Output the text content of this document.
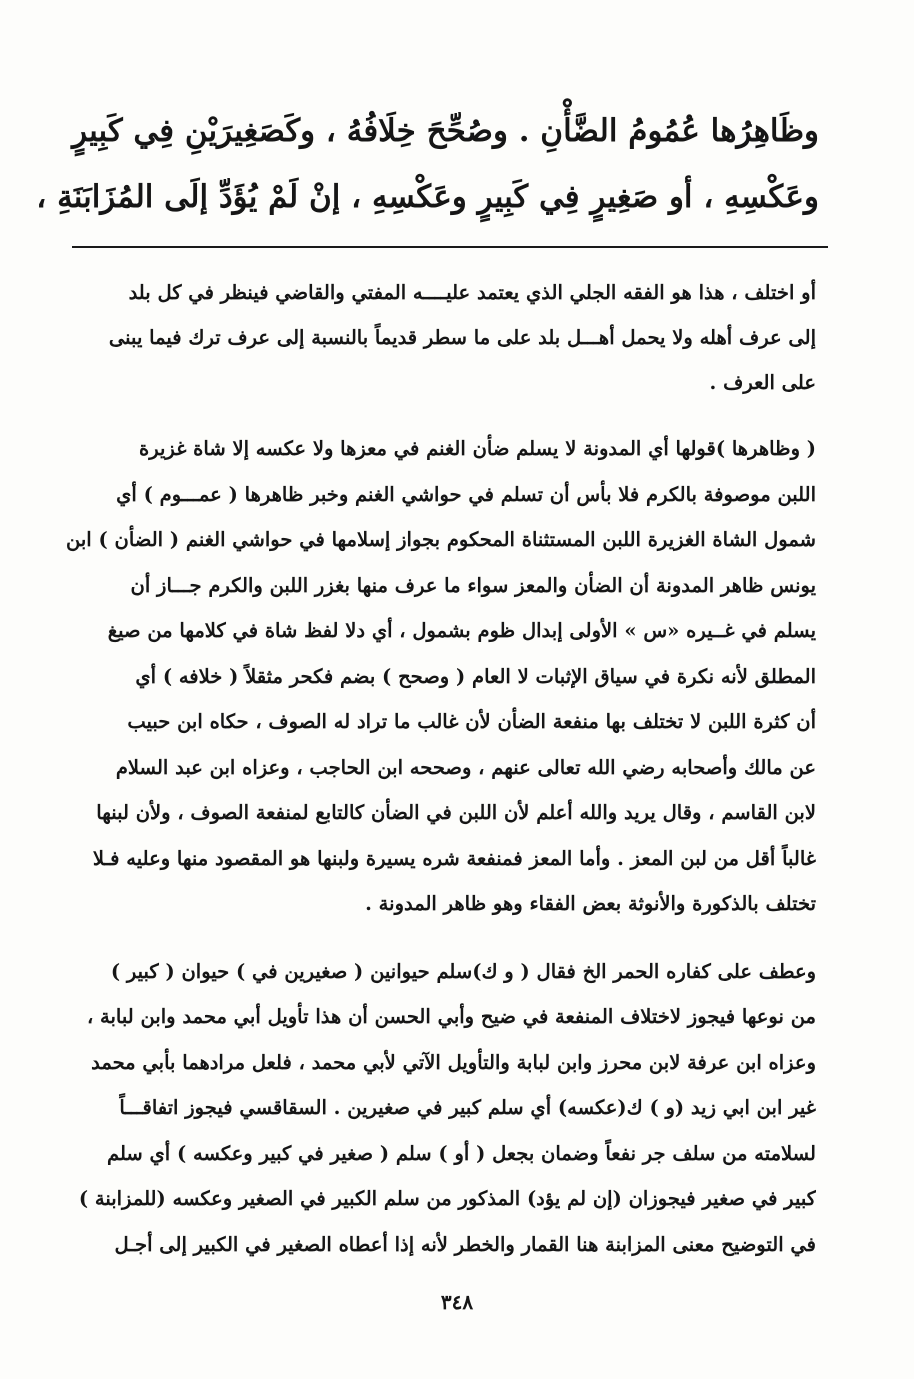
وظَاهِرُها عُمُومُ الضَّأْنِ . وصُحِّحَ خِلَافُهُ ، وكَصَغِيرَيْنِ فِي كَبِيرٍ
وعَكْسِهِ ، أو صَغِيرٍ فِي كَبِيرٍ وعَكْسِهِ ، إنْ لَمْ يُؤَدِّ إلَى المُزَابَنَةِ ،
أو اختلف ، هذا هو الفقه الجلي الذي يعتمد عليــــه المفتي والقاضي فينظر في كل بلد
إلى عرف أهله ولا يحمل أهـــل بلد على ما سطر قديماً بالنسبة إلى عرف ترك فيما يبنى
على العرف .
( وظاهرها )قولها أي المدونة لا يسلم ضأن الغنم في معزها ولا عكسه إلا شاة غزيرة
اللبن موصوفة بالكرم فلا بأس أن تسلم في حواشي الغنم وخبر ظاهرها ( عمـــوم ) أي
شمول الشاة الغزيرة اللبن المستثناة المحكوم بجواز إسلامها في حواشي الغنم ( الضأن ) ابن
يونس ظاهر المدونة أن الضأن والمعز سواء ما عرف منها بغزر اللبن والكرم جـــاز أن
يسلم في غــيره «س » الأولى إبدال ظوم بشمول ، أي دلا لفظ شاة في كلامها من صيغ
المطلق لأنه نكرة في سياق الإثبات لا العام ( وصحح ) بضم فكحر مثقلاً ( خلافه ) أي
أن كثرة اللبن لا تختلف بها منفعة الضأن لأن غالب ما تراد له الصوف ، حكاه ابن حبيب
عن مالك وأصحابه رضي الله تعالى عنهم ، وصححه ابن الحاجب ، وعزاه ابن عبد السلام
لابن القاسم ، وقال يريد والله أعلم لأن اللبن في الضأن كالتابع لمنفعة الصوف ، ولأن لبنها
غالباً أقل من لبن المعز . وأما المعز فمنفعة شره يسيرة ولبنها هو المقصود منها وعليه فـلا
تختلف بالذكورة والأنوثة بعض الفقاء وهو ظاهر المدونة .
وعطف على كفاره الحمر الخ فقال ( و ك)سلم حيوانين ( صغيرين في ) حيوان ( كبير )
من نوعها فيجوز لاختلاف المنفعة في ضيح وأبي الحسن أن هذا تأويل أبي محمد وابن لبابة ،
وعزاه ابن عرفة لابن محرز وابن لبابة والتأويل الآتي لأبي محمد ، فلعل مرادهما بأبي محمد
غير ابن ابي زيد (و ) ك(عكسه) أي سلم كبير في صغيرين . السقاقسي فيجوز اتفاقـــاً
لسلامته من سلف جر نفعاً وضمان بجعل ( أو ) سلم ( صغير في كبير وعكسه ) أي سلم
كبير في صغير فيجوزان (إن لم يؤد) المذكور من سلم الكبير في الصغير وعكسه (للمزابنة )
في التوضيح معنى المزابنة هنا القمار والخطر لأنه إذا أعطاه الصغير في الكبير إلى أجـل
٣٤٨
